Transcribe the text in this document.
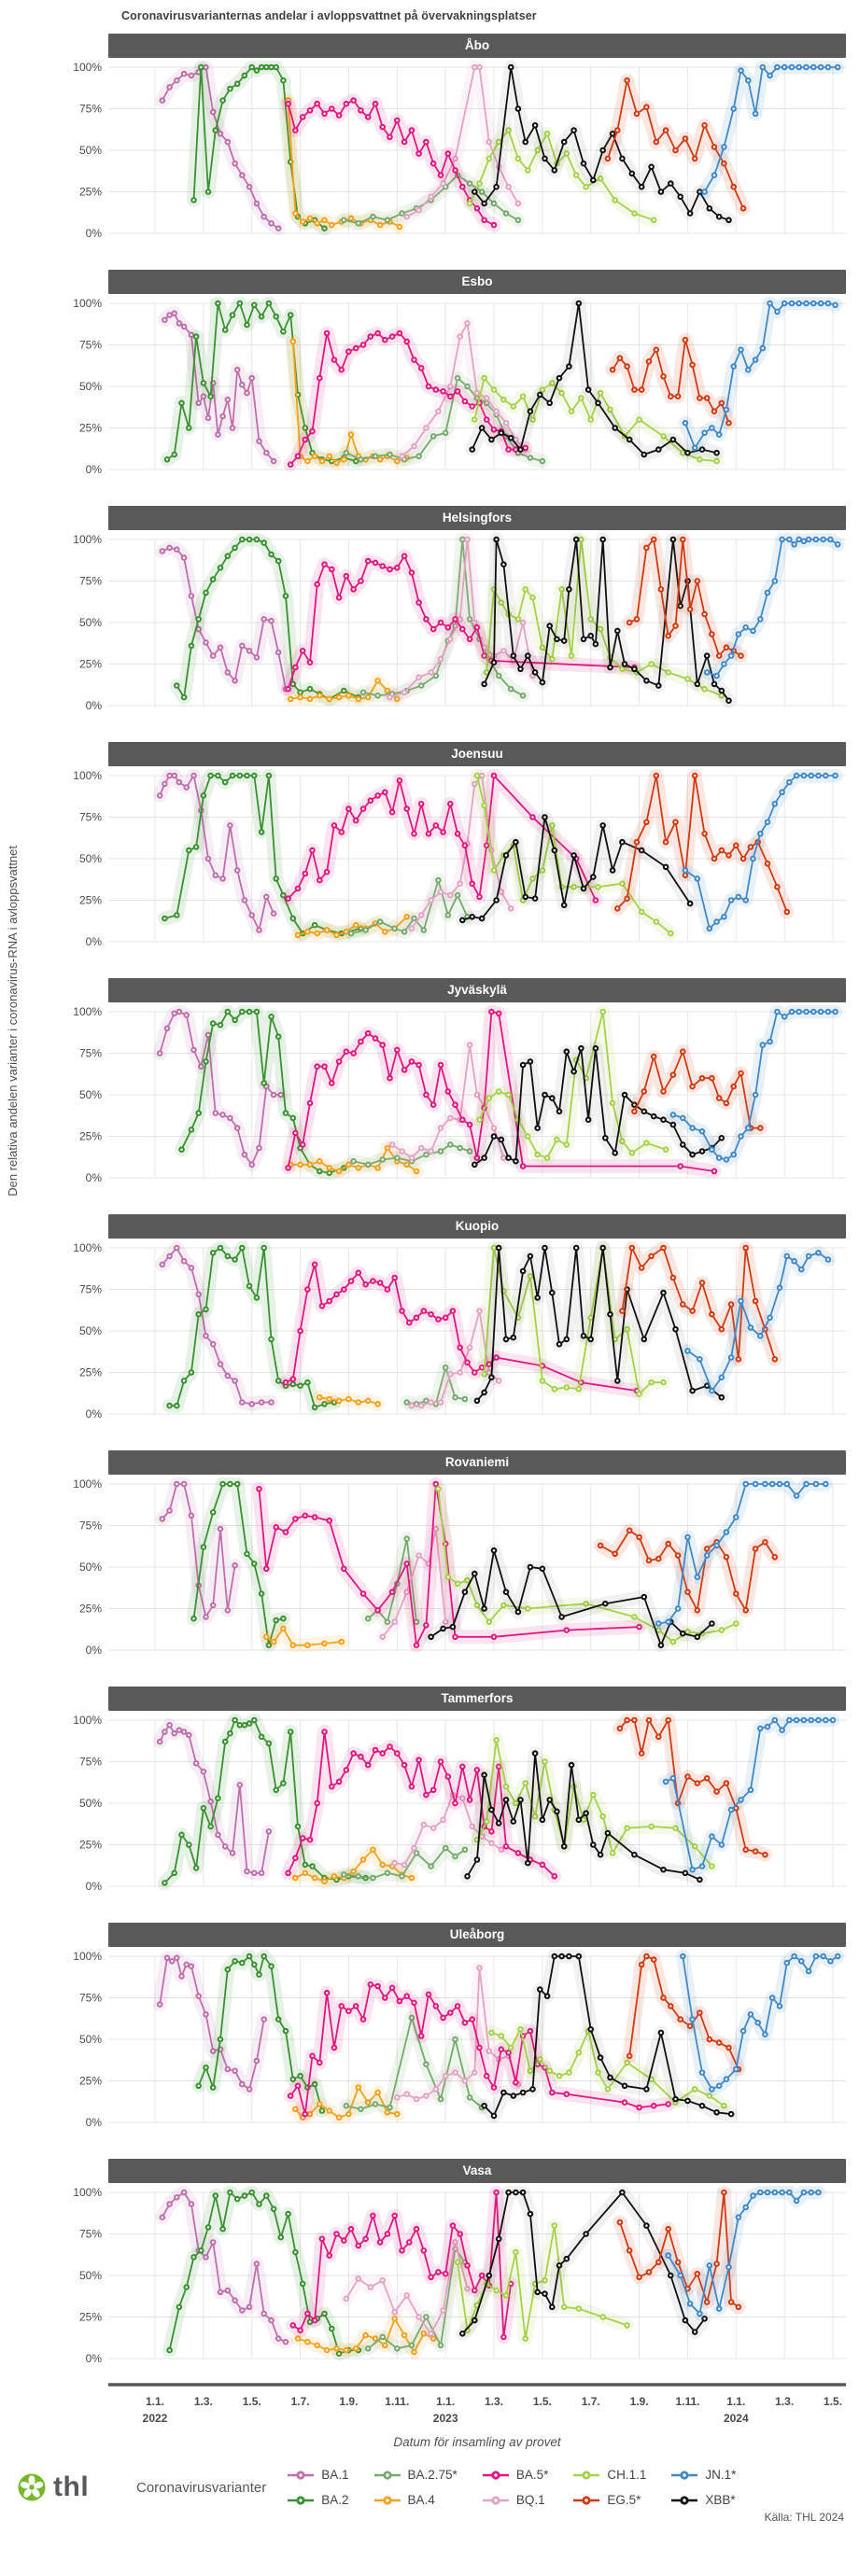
Coronavirusvarianternas andelar i avloppsvattnet på övervakningsplatser
Den relativa andelen varianter i coronavirus-RNA i avloppsvattnet
Åbo
100%
75%
50%
25%
0%
Esbo
100%
75%
50%
25%
0%
Helsingfors
100%
75%
50%
25%
0%
Joensuu
100%
75%
50%
25%
0%
Jyväskylä
100%
75%
50%
25%
0%
Kuopio
100%
75%
50%
25%
0%
Rovaniemi
100%
75%
50%
25%
0%
Tammerfors
100%
75%
50%
25%
0%
Uleåborg
100%
75%
50%
25%
0%
Vasa
100%
75%
50%
25%
0%
1.1.
2022
1.3.	1.5.	1.7.	1.9. 1.11. 1.1.
2023
1.3.	1.5.	1.7.	1.9. 1.11. 1.1.
2024
1.3.	1.5.
Datum för insamling av provet
thl	Coronavirusvarianter
BA.1	BA.2.75*	BA.5*	CH.1.1	JN.1*
BA.2	BA.4	BQ.1	EG.5*	XBB*
Källa: THL 2024
